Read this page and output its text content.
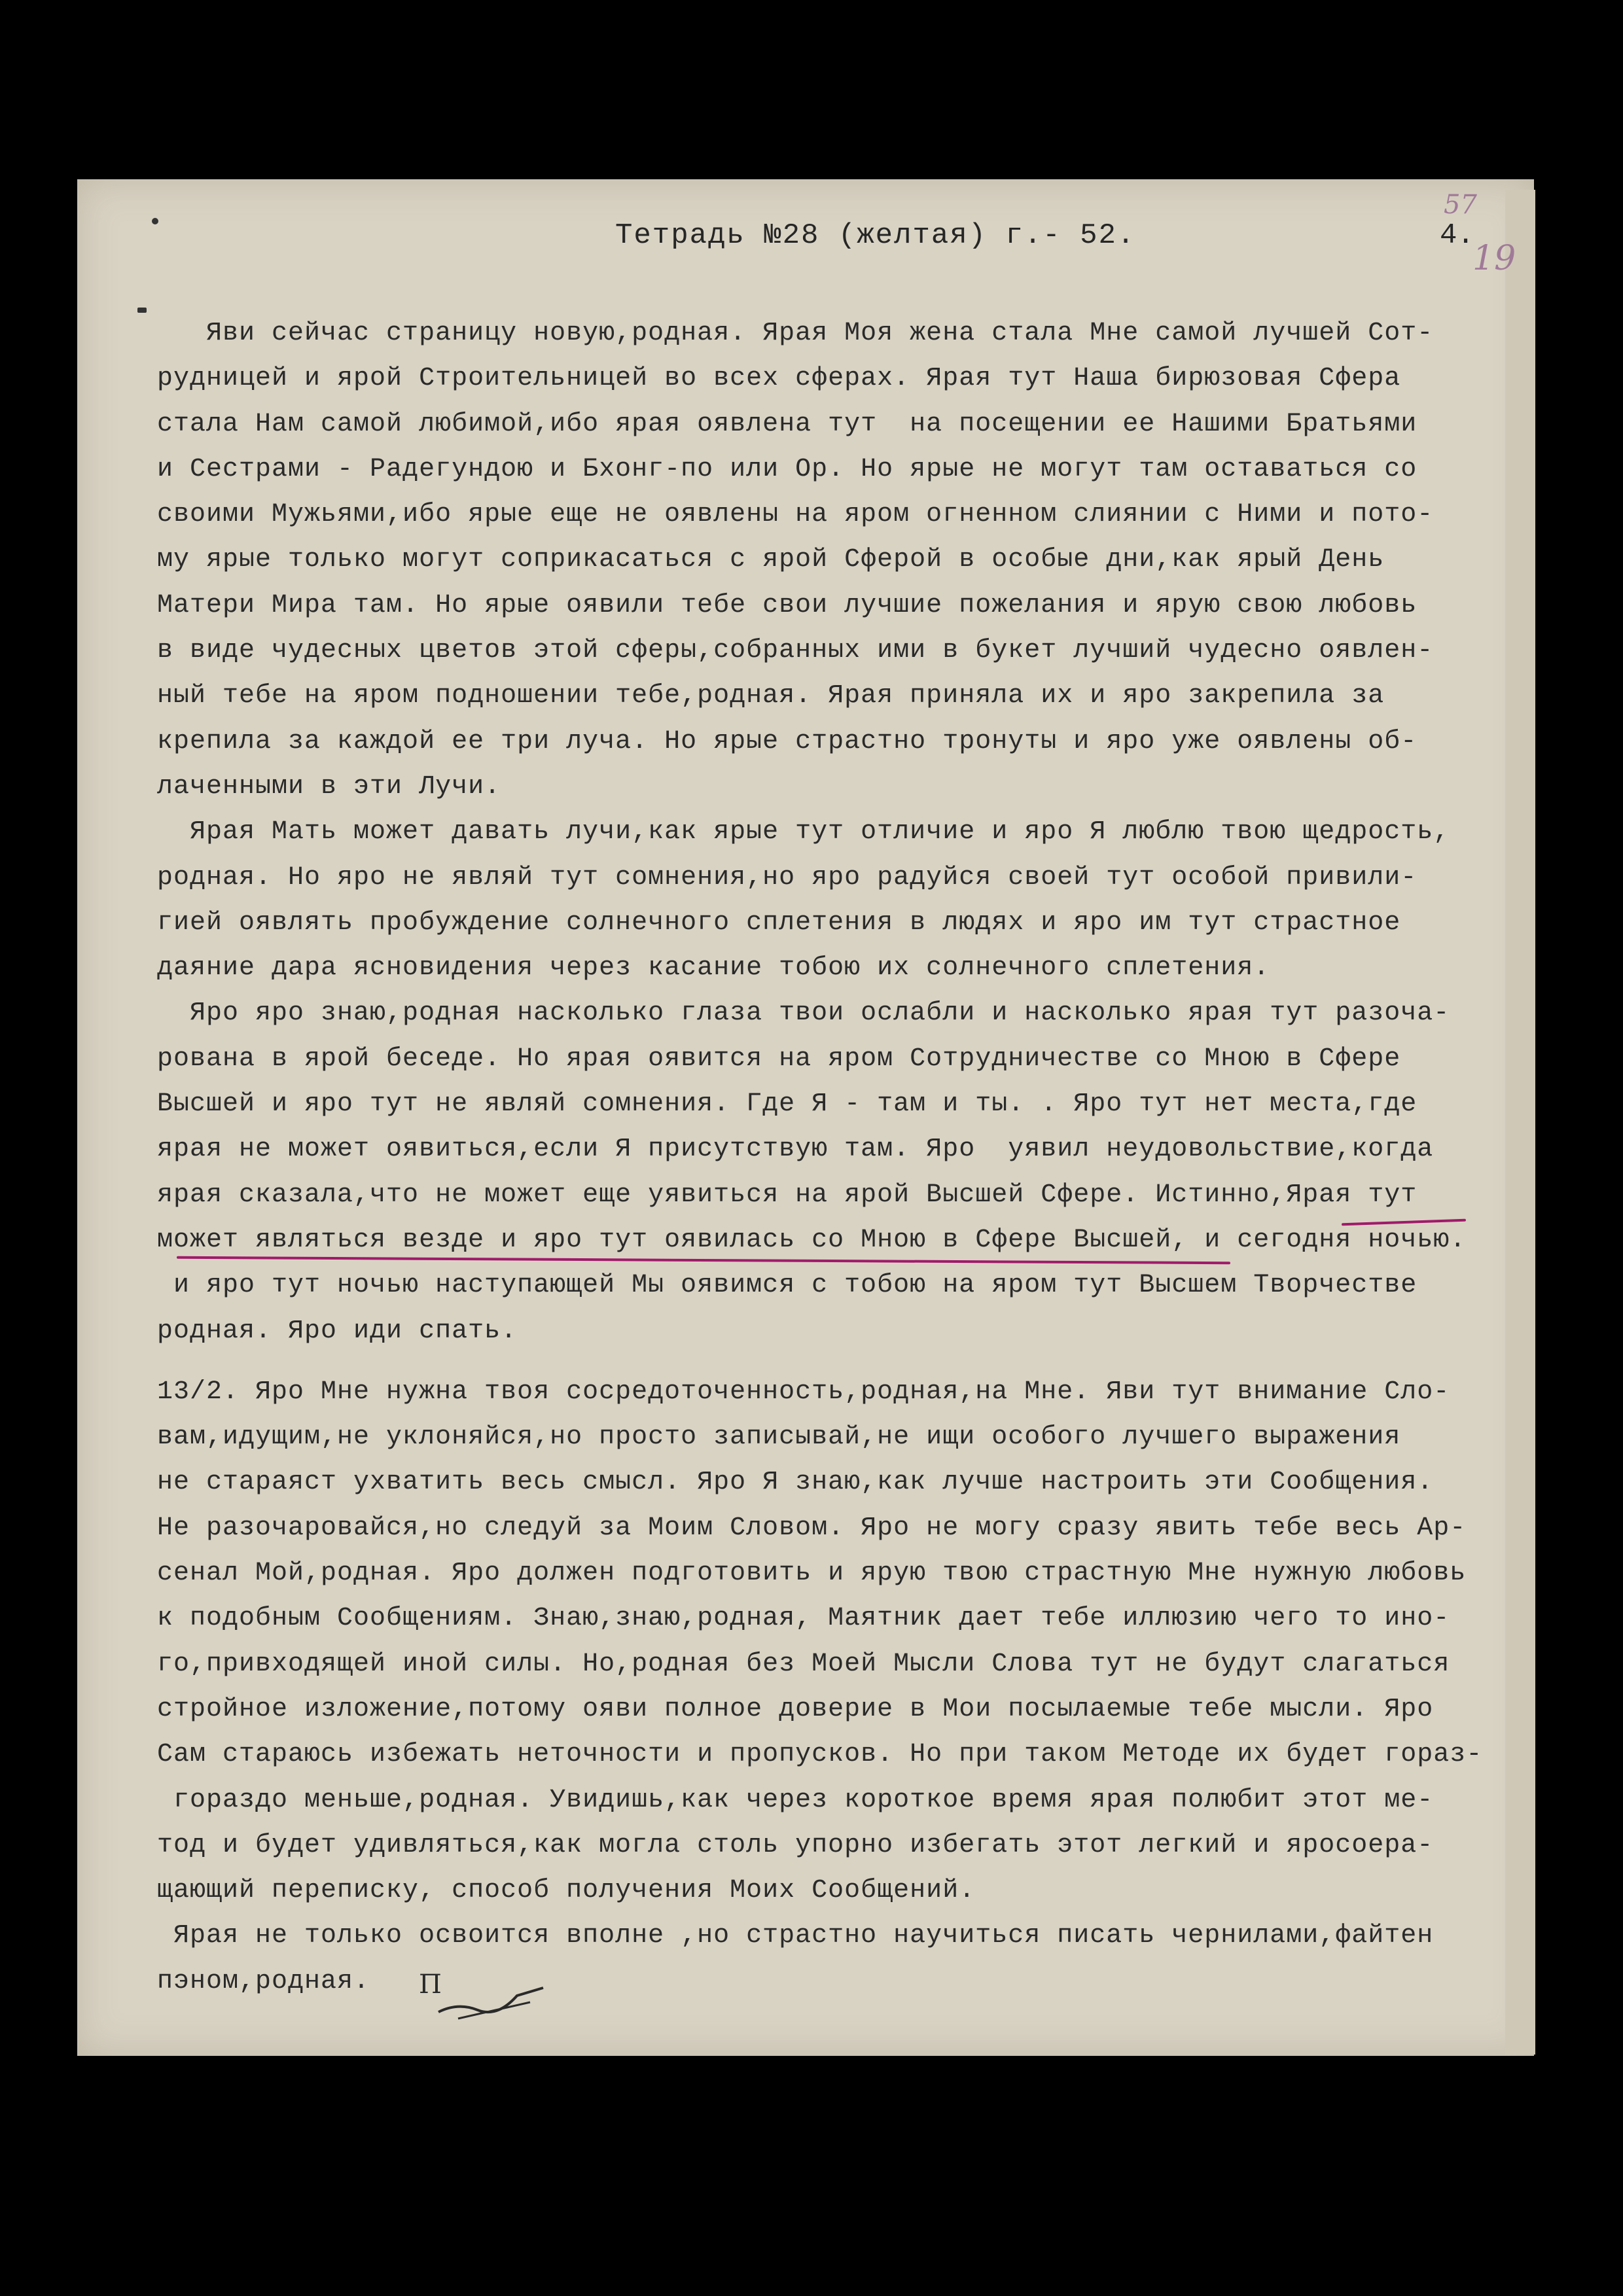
Тетрадь №28 (желтая) г.- 52.	4.
57
19
Яви сейчас страницу новую,родная. Ярая Моя жена стала Мне самой лучшей Сот-
рудницей и ярой Строительницей во всех сферах. Ярая тут Наша бирюзовая Сфера
стала Нам самой любимой,ибо ярая оявлена тут  на посещении ее Нашими Братьями
и Сестрами - Радегундою и Бхонг-по или Ор. Но ярые не могут там оставаться со
своими Мужьями,ибо ярые еще не оявлены на яром огненном слиянии с Ними и пото-
му ярые только могут соприкасаться с ярой Сферой в особые дни,как ярый День
Матери Мира там. Но ярые оявили тебе свои лучшие пожелания и ярую свою любовь
в виде чудесных цветов этой сферы,собранных ими в букет лучший чудесно оявлен-
ный тебе на яром подношении тебе,родная. Ярая приняла их и яро закрепила за
крепила за каждой ее три луча. Но ярые страстно тронуты и яро уже оявлены об-
лаченными в эти Лучи.
Ярая Мать может давать лучи,как ярые тут отличие и яро Я люблю твою щедрость,
родная. Но яро не являй тут сомнения,но яро радуйся своей тут особой привили-
гией оявлять пробуждение солнечного сплетения в людях и яро им тут страстное
даяние дара ясновидения через касание тобою их солнечного сплетения.
Яро яро знаю,родная насколько глаза твои ослабли и насколько ярая тут разоча-
рована в ярой беседе. Но ярая оявится на яром Сотрудничестве со Мною в Сфере
Высшей и яро тут не являй сомнения. Где Я - там и ты. . Яро тут нет места,где
ярая не может оявиться,если Я присутствую там. Яро  уявил неудовольствие,когда
ярая сказала,что не может еще уявиться на ярой Высшей Сфере. Истинно,Ярая тут
может являться везде и яро тут оявилась со Мною в Сфере Высшей, и сегодня ночью.
и яро тут ночью наступающей Мы оявимся с тобою на яром тут Высшем Творчестве
родная. Яро иди спать.
13/2. Яро Мне нужна твоя сосредоточенность,родная,на Мне. Яви тут внимание Сло-
вам,идущим,не уклоняйся,но просто записывай,не ищи особого лучшего выражения
не стараяст ухватить весь смысл. Яро Я знаю,как лучше настроить эти Сообщения.
Не разочаровайся,но следуй за Моим Словом. Яро не могу сразу явить тебе весь Ар-
сенал Мой,родная. Яро должен подготовить и ярую твою страстную Мне нужную любовь
к подобным Сообщениям. Знаю,знаю,родная, Маятник дает тебе иллюзию чего то ино-
го,привходящей иной силы. Но,родная без Моей Мысли Слова тут не будут слагаться
стройное изложение,потому ояви полное доверие в Мои посылаемые тебе мысли. Яро
Сам стараюсь избежать неточности и пропусков. Но при таком Методе их будет гораз-
гораздо меньше,родная. Увидишь,как через короткое время ярая полюбит этот ме-
тод и будет удивляться,как могла столь упорно избегать этот легкий и яросоера-
щающий переписку, способ получения Моих Сообщений.
Ярая не только освоится вполне ,но страстно научиться писать чернилами,файтен
пэном,родная.	П
